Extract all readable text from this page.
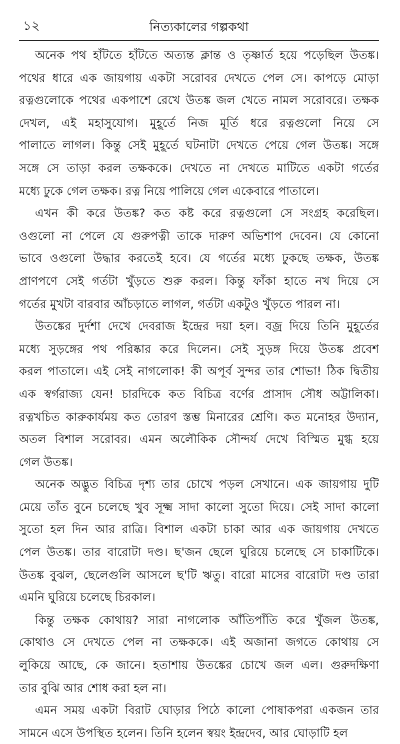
১২	নিত্যকালের গল্পকথা
অনেক পথ হাঁটতে হাঁটতে অত্যন্ত ক্লান্ত ও তৃষ্ণার্ত হয়ে পড়েছিল উতঙ্ক।
পথের ধারে এক জায়গায় একটা সরোবর দেখতে পেল সে। কাপড়ে মোড়া
রত্নগুলোকে পথের একপাশে রেখে উতঙ্ক জল খেতে নামল সরোবরে। তক্ষক
দেখল, এই মহাসুযোগ। মুহূর্তে নিজ মূর্তি ধরে রত্নগুলো নিয়ে সে
পালাতে লাগল। কিন্তু সেই মুহূর্তে ঘটনাটা দেখতে পেয়ে গেল উতঙ্ক। সঙ্গে
সঙ্গে সে তাড়া করল তক্ষককে। দেখতে না দেখতে মাটিতে একটা গর্তের
মধ্যে ঢুকে গেল তক্ষক। রত্ন নিয়ে পালিয়ে গেল একেবারে পাতালে।
এখন কী করে উতঙ্ক? কত কষ্ট করে রত্নগুলো সে সংগ্রহ করেছিল।
ওগুলো না পেলে যে গুরুপত্নী তাকে দারুণ অভিশাপ দেবেন। যে কোনো
ভাবে ওগুলো উদ্ধার করতেই হবে। যে গর্তের মধ্যে ঢুকছে তক্ষক, উতঙ্ক
প্রাণপণে সেই গর্তটা খুঁড়তে শুরু করল। কিন্তু ফাঁকা হাতে নখ দিয়ে সে
গর্তের মুখটা বারবার আঁচড়াতে লাগল, গর্তটা একটুও খুঁড়তে পারল না।
উতঙ্কের দুর্দশা দেখে দেবরাজ ইন্দ্রের দয়া হল। বজ্র দিয়ে তিনি মুহূর্তের
মধ্যে সুড়ঙ্গের পথ পরিষ্কার করে দিলেন। সেই সুড়ঙ্গ দিয়ে উতঙ্ক প্রবেশ
করল পাতালে। এই সেই নাগলোক! কী অপূর্ব সুন্দর তার শোভা! ঠিক দ্বিতীয়
এক স্বর্গরাজ্য যেন! চারদিকে কত বিচিত্র বর্ণের প্রাসাদ সৌধ অট্টালিকা।
রত্নখচিত কারুকার্যময় কত তোরণ স্তম্ভ মিনারের শ্রেণি। কত মনোহর উদ্যান,
অতল বিশাল সরোবর। এমন অলৌকিক সৌন্দর্য দেখে বিস্মিত মুগ্ধ হয়ে
গেল উতঙ্ক।
অনেক অদ্ভুত বিচিত্র দৃশ্য তার চোখে পড়ল সেখানে। এক জায়গায় দুটি
মেয়ে তাঁত বুনে চলেছে খুব সূক্ষ্ম সাদা কালো সুতো দিয়ে। সেই সাদা কালো
সুতো হল দিন আর রাত্রি। বিশাল একটা চাকা আর এক জায়গায় দেখতে
পেল উতঙ্ক। তার বারোটা দণ্ড। ছ'জন ছেলে ঘুরিয়ে চলেছে সে চাকাটিকে।
উতঙ্ক বুঝল, ছেলেগুলি আসলে ছ'টি ঋতু। বারো মাসের বারোটা দণ্ড তারা
এমনি ঘুরিয়ে চলেছে চিরকাল।
কিন্তু তক্ষক কোথায়? সারা নাগলোক আঁতিপাঁতি করে খুঁজল উতঙ্ক,
কোথাও সে দেখতে পেল না তক্ষককে। এই অজানা জগতে কোথায় সে
লুকিয়ে আছে, কে জানে। হতাশায় উতঙ্কের চোখে জল এল। গুরুদক্ষিণা
তার বুঝি আর শোধ করা হল না।
এমন সময় একটা বিরাট ঘোড়ার পিঠে কালো পোষাকপরা একজন তার
সামনে এসে উপস্থিত হলেন। তিনি হলেন স্বয়ং ইন্দ্রদেব, আর ঘোড়াটি হল
